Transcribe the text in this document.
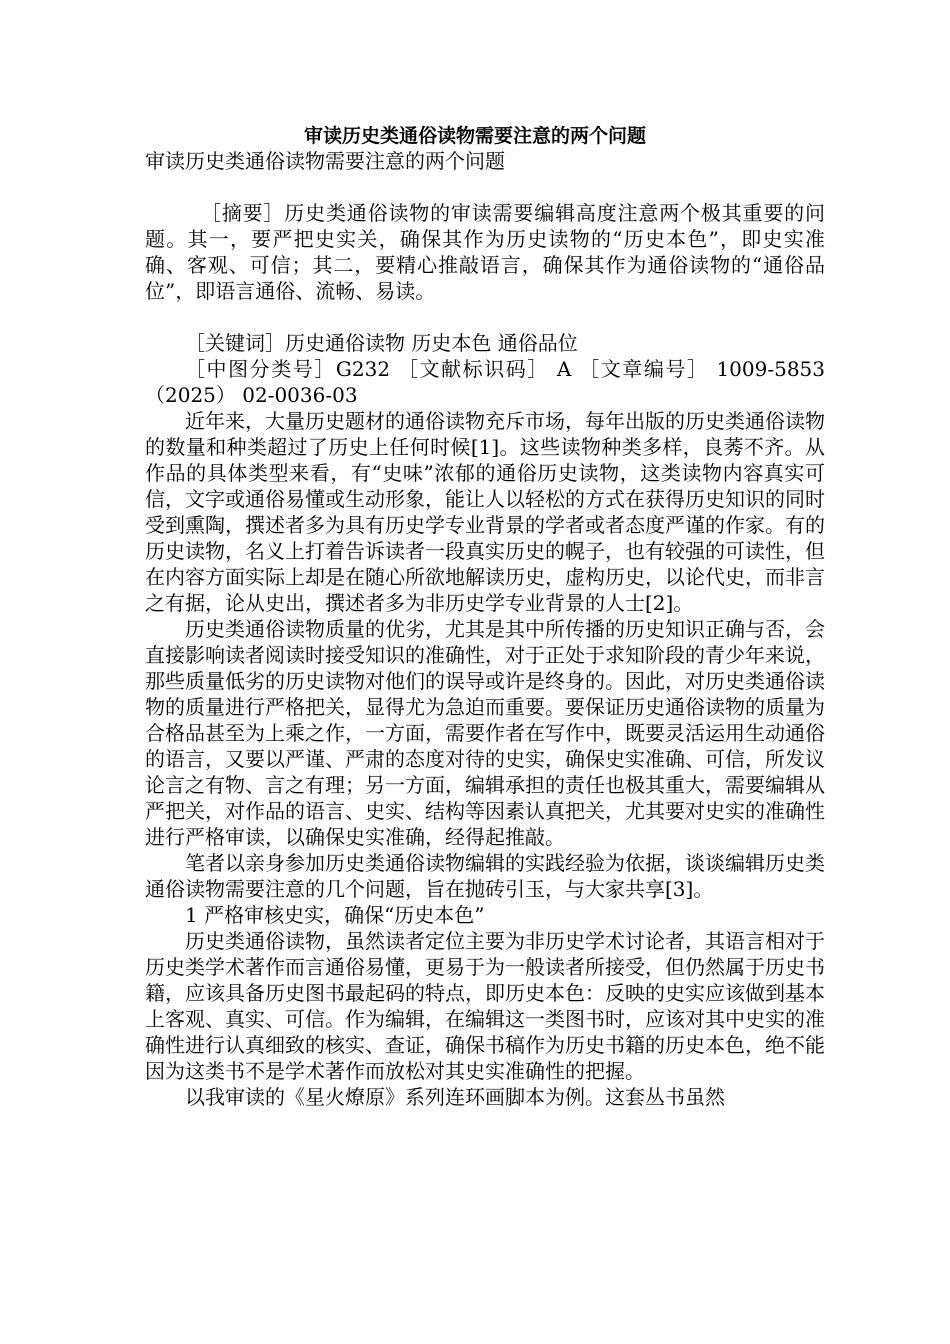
审读历史类通俗读物需要注意的两个问题

审读历史类通俗读物需要注意的两个问题

［摘要］历史类通俗读物的审读需要编辑高度注意两个极其重要的问题。其一，要严把史实关，确保其作为历史读物的“历史本色”，即史实准确、客观、可信；其二，要精心推敲语言，确保其作为通俗读物的“通俗品位”，即语言通俗、流畅、易读。

［关键词］历史通俗读物 历史本色 通俗品位

［中图分类号］G232 ［文献标识码］ A ［文章编号］ 1009-5853 （2025） 02-0036-03

近年来，大量历史题材的通俗读物充斥市场，每年出版的历史类通俗读物的数量和种类超过了历史上任何时候[1]。这些读物种类多样，良莠不齐。从作品的具体类型来看，有“史味”浓郁的通俗历史读物，这类读物内容真实可信，文字或通俗易懂或生动形象，能让人以轻松的方式在获得历史知识的同时受到熏陶，撰述者多为具有历史学专业背景的学者或者态度严谨的作家。有的历史读物，名义上打着告诉读者一段真实历史的幌子，也有较强的可读性，但在内容方面实际上却是在随心所欲地解读历史，虚构历史，以论代史，而非言之有据，论从史出，撰述者多为非历史学专业背景的人士[2]。

历史类通俗读物质量的优劣，尤其是其中所传播的历史知识正确与否，会直接影响读者阅读时接受知识的准确性，对于正处于求知阶段的青少年来说，那些质量低劣的历史读物对他们的误导或许是终身的。因此，对历史类通俗读物的质量进行严格把关，显得尤为急迫而重要。要保证历史通俗读物的质量为合格品甚至为上乘之作，一方面，需要作者在写作中，既要灵活运用生动通俗的语言，又要以严谨、严肃的态度对待的史实，确保史实准确、可信，所发议论言之有物、言之有理；另一方面，编辑承担的责任也极其重大，需要编辑从严把关，对作品的语言、史实、结构等因素认真把关，尤其要对史实的准确性进行严格审读，以确保史实准确，经得起推敲。

笔者以亲身参加历史类通俗读物编辑的实践经验为依据，谈谈编辑历史类通俗读物需要注意的几个问题，旨在抛砖引玉，与大家共享[3]。

1 严格审核史实，确保“历史本色”

历史类通俗读物，虽然读者定位主要为非历史学术讨论者，其语言相对于历史类学术著作而言通俗易懂，更易于为一般读者所接受，但仍然属于历史书籍，应该具备历史图书最起码的特点，即历史本色：反映的史实应该做到基本上客观、真实、可信。作为编辑，在编辑这一类图书时，应该对其中史实的准确性进行认真细致的核实、查证，确保书稿作为历史书籍的历史本色，绝不能因为这类书不是学术著作而放松对其史实准确性的把握。

以我审读的《星火燎原》系列连环画脚本为例。这套丛书虽然
